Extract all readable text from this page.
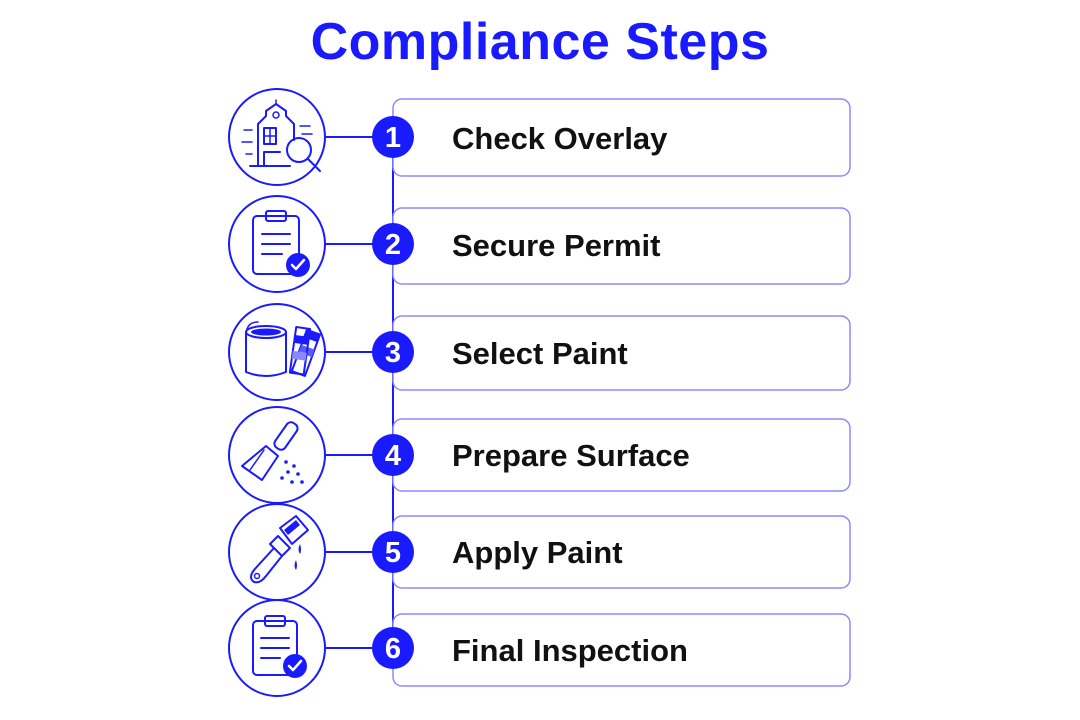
Compliance Steps
1 Check Overlay
2 Secure Permit
3 Select Paint
4 Prepare Surface
5 Apply Paint
6 Final Inspection
